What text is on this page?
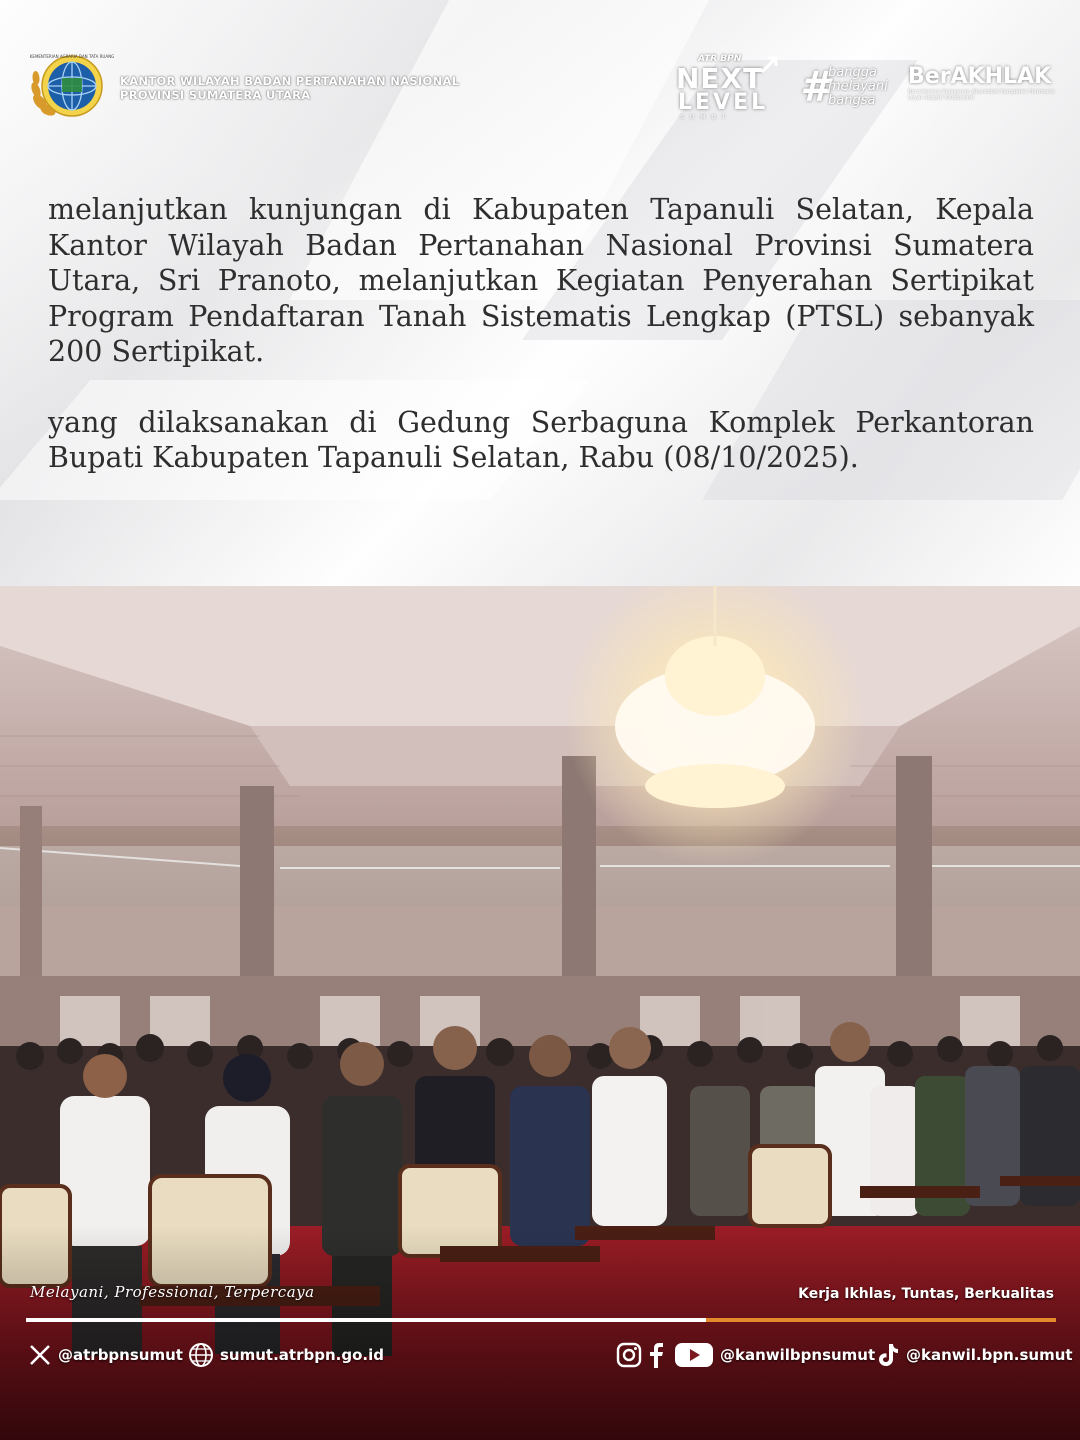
KEMENTERIAN AGRARIA DAN TATA RUANG
KANTOR WILAYAH BADAN PERTANAHAN NASIONAL
PROVINSI SUMATERA UTARA
ATR BPN
NEXT
LEVEL
SUMUT
#
bangga
melayani
bangsa
BerAKHLAK
Berorientasi Pelayanan Akuntabel Kompeten Harmonis Loyal Adaptif Kolaboratif

melanjutkan kunjungan di Kabupaten Tapanuli Selatan, Kepala Kantor Wilayah Badan Pertanahan Nasional Provinsi Sumatera Utara, Sri Pranoto, melanjutkan Kegiatan Penyerahan Sertipikat Program Pendaftaran Tanah Sistematis Lengkap (PTSL) sebanyak 200 Sertipikat.

yang dilaksanakan di Gedung Serbaguna Komplek Perkantoran Bupati Kabupaten Tapanuli Selatan, Rabu (08/10/2025).

Melayani, Professional, Terpercaya	Kerja Ikhlas, Tuntas, Berkualitas
@atrbpnsumut sumut.atrbpn.go.id	@kanwilbpnsumut @kanwil.bpn.sumut
